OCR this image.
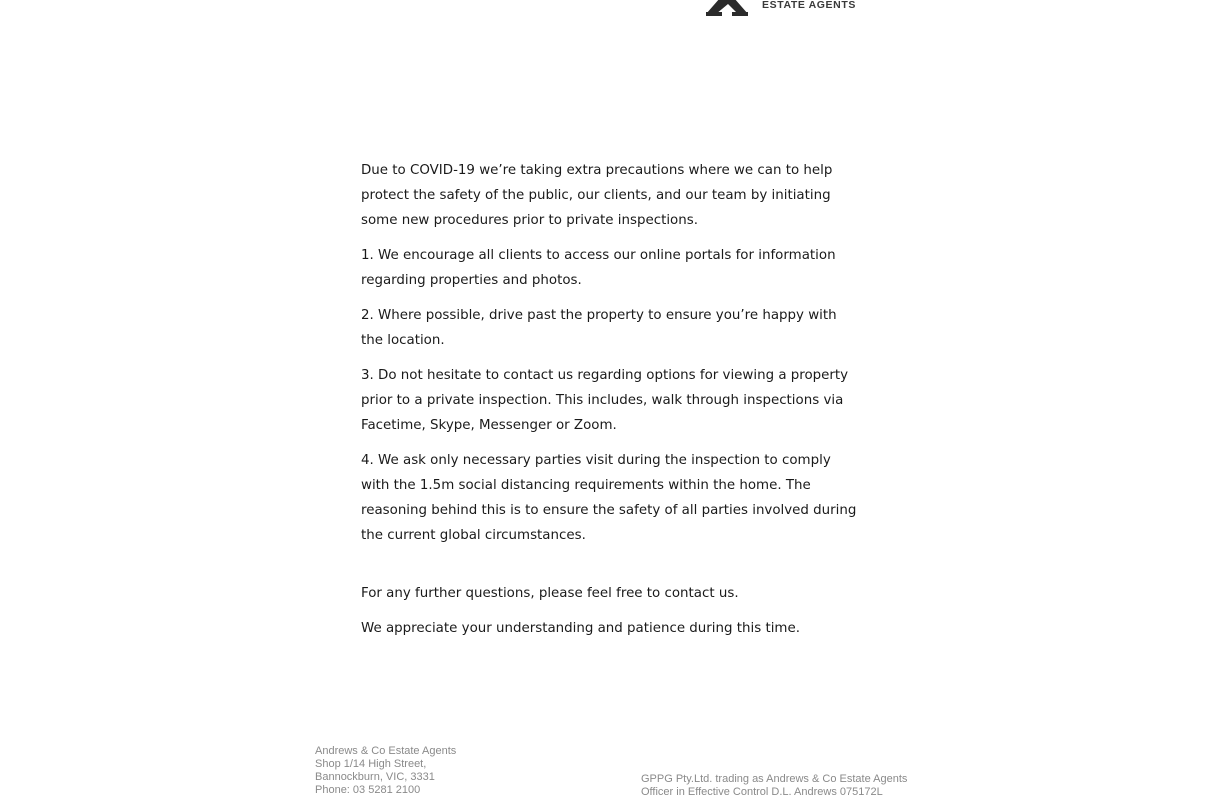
ESTATE AGENTS

Due to COVID-19 we’re taking extra precautions where we can to help protect the safety of the public, our clients, and our team by initiating some new procedures prior to private inspections.

1. We encourage all clients to access our online portals for information regarding properties and photos.

2. Where possible, drive past the property to ensure you’re happy with the location.

3. Do not hesitate to contact us regarding options for viewing a property prior to a private inspection. This includes, walk through inspections via Facetime, Skype, Messenger or Zoom.

4. We ask only necessary parties visit during the inspection to comply with the 1.5m social distancing requirements within the home. The reasoning behind this is to ensure the safety of all parties involved during the current global circumstances.

For any further questions, please feel free to contact us.

We appreciate your understanding and patience during this time.

Andrews & Co Estate Agents
Shop 1/14 High Street,
Bannockburn, VIC, 3331
Phone: 03 5281 2100
GPPG Pty.Ltd. trading as Andrews & Co Estate Agents
Officer in Effective Control D.L. Andrews 075172L
